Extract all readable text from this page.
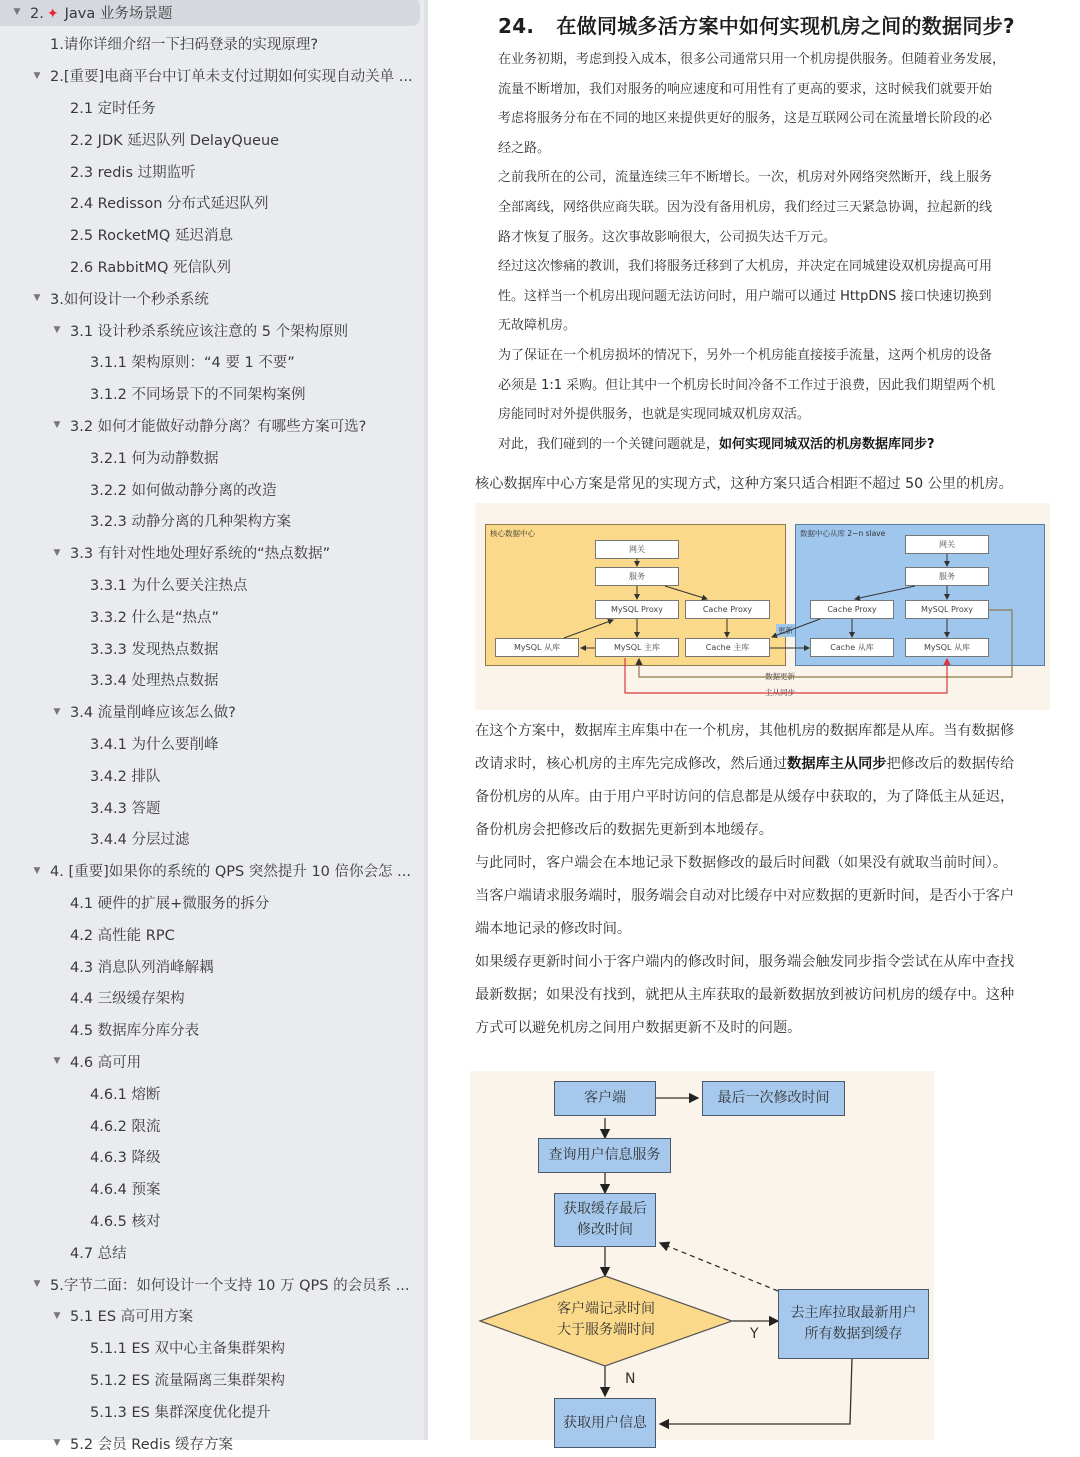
▼ 2. ✦ Java 业务场景题
1.请你详细介绍一下扫码登录的实现原理?
▼ 2.[重要]电商平台中订单未支付过期如何实现自动关单 ...
2.1 定时任务
2.2 JDK 延迟队列 DelayQueue
2.3 redis 过期监听
2.4 Redisson 分布式延迟队列
2.5 RocketMQ 延迟消息
2.6 RabbitMQ 死信队列
▼ 3.如何设计一个秒杀系统
▼ 3.1 设计秒杀系统应该注意的 5 个架构原则
3.1.1 架构原则：“4 要 1 不要”
3.1.2 不同场景下的不同架构案例
▼ 3.2 如何才能做好动静分离？有哪些方案可选?
3.2.1 何为动静数据
3.2.2 如何做动静分离的改造
3.2.3 动静分离的几种架构方案
▼ 3.3 有针对性地处理好系统的“热点数据”
3.3.1 为什么要关注热点
3.3.2 什么是“热点”
3.3.3 发现热点数据
3.3.4 处理热点数据
▼ 3.4 流量削峰应该怎么做?
3.4.1 为什么要削峰
3.4.2 排队
3.4.3 答题
3.4.4 分层过滤
▼ 4. [重要]如果你的系统的 QPS 突然提升 10 倍你会怎 ...
4.1 硬件的扩展+微服务的拆分
4.2 高性能 RPC
4.3 消息队列消峰解耦
4.4 三级缓存架构
4.5 数据库分库分表
▼ 4.6 高可用
4.6.1 熔断
4.6.2 限流
4.6.3 降级
4.6.4 预案
4.6.5 核对
4.7 总结
▼ 5.字节二面：如何设计一个支持 10 万 QPS 的会员系 ...
▼ 5.1 ES 高可用方案
5.1.1 ES 双中心主备集群架构
5.1.2 ES 流量隔离三集群架构
5.1.3 ES 集群深度优化提升
▼ 5.2 会员 Redis 缓存方案
24. 在做同城多活方案中如何实现机房之间的数据同步?
在业务初期，考虑到投入成本，很多公司通常只用一个机房提供服务。但随着业务发展，
流量不断增加，我们对服务的响应速度和可用性有了更高的要求，这时候我们就要开始
考虑将服务分布在不同的地区来提供更好的服务，这是互联网公司在流量增长阶段的必
经之路。
之前我所在的公司，流量连续三年不断增长。一次，机房对外网络突然断开，线上服务
全部离线，网络供应商失联。因为没有备用机房，我们经过三天紧急协调，拉起新的线
路才恢复了服务。这次事故影响很大，公司损失达千万元。
经过这次惨痛的教训，我们将服务迁移到了大机房，并决定在同城建设双机房提高可用
性。这样当一个机房出现问题无法访问时，用户端可以通过 HttpDNS 接口快速切换到
无故障机房。
为了保证在一个机房损坏的情况下，另外一个机房能直接接手流量，这两个机房的设备
必须是 1:1 采购。但让其中一个机房长时间冷备不工作过于浪费，因此我们期望两个机
房能同时对外提供服务，也就是实现同城双机房双活。
对此，我们碰到的一个关键问题就是，如何实现同城双活的机房数据库同步?
核心数据库中心方案是常见的实现方式，这种方案只适合相距不超过 50 公里的机房。
核心数据中心	数据中心从库 2~n slave
网关
服务
MySQL Proxy	Cache Proxy
MySQL 从库	MySQL 主库	Cache 主库
网关
服务
Cache Proxy	MySQL Proxy
Cache 从库	MySQL 从库
更新
数据更新
主从同步
在这个方案中，数据库主库集中在一个机房，其他机房的数据库都是从库。当有数据修
改请求时，核心机房的主库先完成修改，然后通过数据库主从同步把修改后的数据传给
备份机房的从库。由于用户平时访问的信息都是从缓存中获取的，为了降低主从延迟，
备份机房会把修改后的数据先更新到本地缓存。
与此同时，客户端会在本地记录下数据修改的最后时间戳（如果没有就取当前时间）。
当客户端请求服务端时，服务端会自动对比缓存中对应数据的更新时间，是否小于客户
端本地记录的修改时间。
如果缓存更新时间小于客户端内的修改时间，服务端会触发同步指令尝试在从库中查找
最新数据；如果没有找到，就把从主库获取的最新数据放到被访问机房的缓存中。这种
方式可以避免机房之间用户数据更新不及时的问题。
客户端	最后一次修改时间
查询用户信息服务
获取缓存最后
修改时间
客户端记录时间
大于服务端时间
去主库拉取最新用户
所有数据到缓存
获取用户信息
Y
N
